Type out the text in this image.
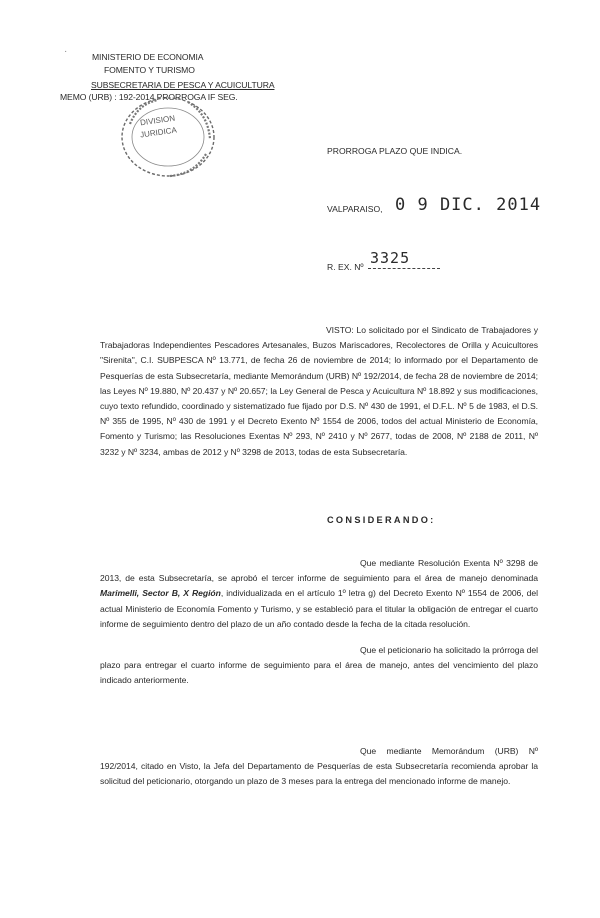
·	MINISTERIO DE ECONOMIA
FOMENTO Y TURISMO
SUBSECRETARIA DE PESCA Y ACUICULTURA
MEMO (URB) : 192-2014 PRORROGA IF SEG.
DIVISION
JURIDICA
PRORROGA PLAZO QUE INDICA.
VALPARAISO, 0 9 DIC. 2014
R. EX. Nº 3325
VISTO: Lo solicitado por el Sindicato de Trabajadores y Trabajadoras Independientes Pescadores Artesanales, Buzos Mariscadores, Recolectores de Orilla y Acuicultores "Sirenita", C.I. SUBPESCA Nº 13.771, de fecha 26 de noviembre de 2014; lo informado por el Departamento de Pesquerías de esta Subsecretaría, mediante Memorándum (URB) Nº 192/2014, de fecha 28 de noviembre de 2014; las Leyes Nº 19.880, Nº 20.437 y Nº 20.657; la Ley General de Pesca y Acuicultura Nº 18.892 y sus modificaciones, cuyo texto refundido, coordinado y sistematizado fue fijado por D.S. Nº 430 de 1991, el D.F.L. Nº 5 de 1983, el D.S. Nº 355 de 1995, Nº 430 de 1991 y el Decreto Exento Nº 1554 de 2006, todos del actual Ministerio de Economía, Fomento y Turismo; las Resoluciones Exentas Nº 293, Nº 2410 y Nº 2677, todas de 2008, Nº 2188 de 2011, Nº 3232 y Nº 3234, ambas de 2012 y Nº 3298 de 2013, todas de esta Subsecretaría.
CONSIDERANDO:
Que mediante Resolución Exenta Nº 3298 de 2013, de esta Subsecretaría, se aprobó el tercer informe de seguimiento para el área de manejo denominada Marimelli, Sector B, X Región, individualizada en el artículo 1º letra g) del Decreto Exento Nº 1554 de 2006, del actual Ministerio de Economía Fomento y Turismo, y se estableció para el titular la obligación de entregar el cuarto informe de seguimiento dentro del plazo de un año contado desde la fecha de la citada resolución.
Que el peticionario ha solicitado la prórroga del plazo para entregar el cuarto informe de seguimiento para el área de manejo, antes del vencimiento del plazo indicado anteriormente.
Que mediante Memorándum (URB) Nº 192/2014, citado en Visto, la Jefa del Departamento de Pesquerías de esta Subsecretaría recomienda aprobar la solicitud del peticionario, otorgando un plazo de 3 meses para la entrega del mencionado informe de manejo.
